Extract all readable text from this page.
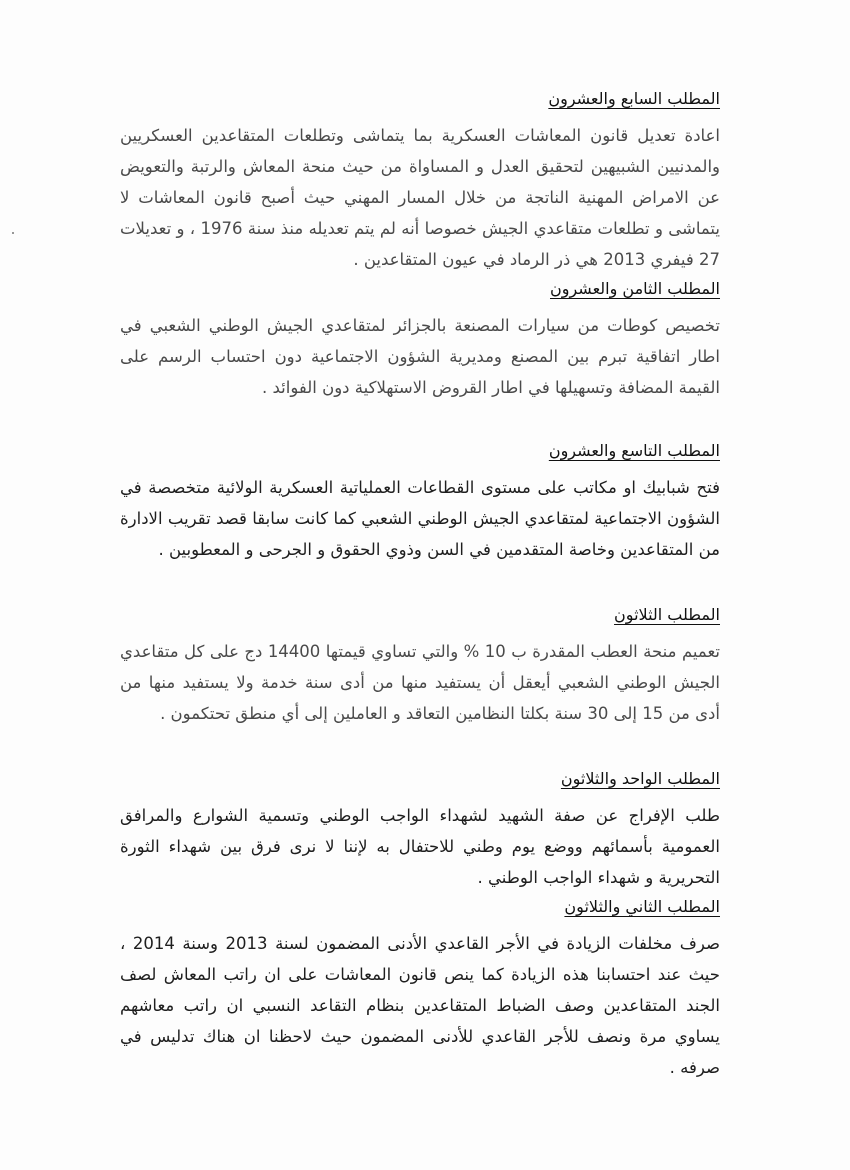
المطلب السابع والعشرون

اعادة تعديل قانون المعاشات العسكرية بما يتماشى وتطلعات المتقاعدين العسكريين والمدنيين الشبيهين لتحقيق العدل و المساواة من حيث منحة المعاش والرتبة والتعويض عن الامراض المهنية الناتجة من خلال المسار المهني حيث أصبح قانون المعاشات لا يتماشى و تطلعات متقاعدي الجيش خصوصا أنه لم يتم تعديله منذ سنة 1976 ، و تعديلات 27 فيفري 2013 هي ذر الرماد في عيون المتقاعدين .

المطلب الثامن والعشرون

تخصيص كوطات من سيارات المصنعة بالجزائر لمتقاعدي الجيش الوطني الشعبي في اطار اتفاقية تبرم بين المصنع ومديرية الشؤون الاجتماعية دون احتساب الرسم على القيمة المضافة وتسهيلها في اطار القروض الاستهلاكية دون الفوائد .

المطلب التاسع والعشرون

فتح شبابيك او مكاتب على مستوى القطاعات العملياتية العسكرية الولائية متخصصة في الشؤون الاجتماعية لمتقاعدي الجيش الوطني الشعبي كما كانت سابقا قصد تقريب الادارة من المتقاعدين وخاصة المتقدمين في السن وذوي الحقوق و الجرحى و المعطوبين .

المطلب الثلاثون

تعميم منحة العطب المقدرة ب 10 % والتي تساوي قيمتها 14400 دج على كل متقاعدي الجيش الوطني الشعبي أيعقل أن يستفيد منها من أدى سنة خدمة ولا يستفيد منها من أدى من 15 إلى 30 سنة بكلتا النظامين التعاقد و العاملين إلى أي منطق تحتكمون .

المطلب الواحد والثلاثون

طلب الإفراج عن صفة الشهيد لشهداء الواجب الوطني وتسمية الشوارع والمرافق العمومية بأسمائهم ووضع يوم وطني للاحتفال به لإننا لا نرى فرق بين شهداء الثورة التحريرية و شهداء الواجب الوطني .

المطلب الثاني والثلاثون

صرف مخلفات الزيادة في الأجر القاعدي الأدنى المضمون لسنة 2013 وسنة 2014 ، حيث عند احتسابنا هذه الزيادة كما ينص قانون المعاشات على ان راتب المعاش لصف الجند المتقاعدين وصف الضباط المتقاعدين بنظام التقاعد النسبي ان راتب معاشهم يساوي مرة ونصف للأجر القاعدي للأدنى المضمون حيث لاحظنا ان هناك تدليس في صرفه .
